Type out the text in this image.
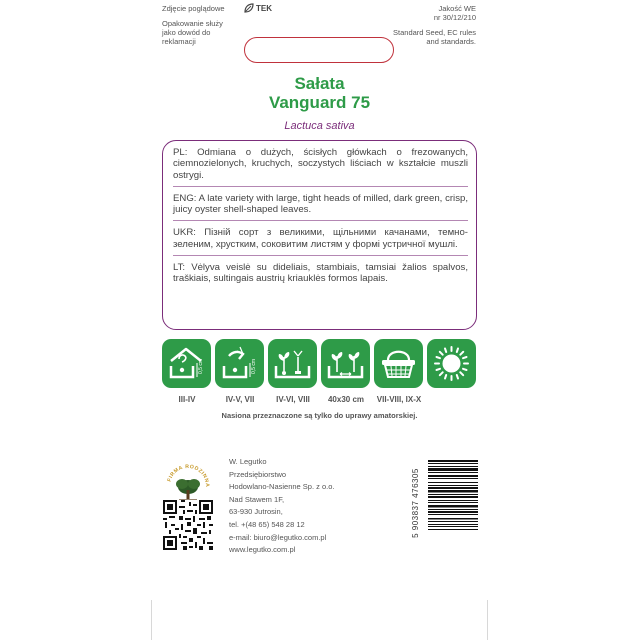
Zdjęcie poglądowe
Opakowanie służy jako dowód do reklamacji
TEK	Jakość WE
nr 30/12/210
Standard Seed, EC rules and standards.
Sałata
Vanguard 75
Lactuca sativa

PL: Odmiana o dużych, ścisłych główkach o frezowanych, ciemnozielonych, kruchych, soczystych liściach w kształcie muszli ostrygi.

ENG: A late variety with large, tight heads of milled, dark green, crisp, juicy oyster shell-shaped leaves.

UKR: Пізній сорт з великими, щільними качанами, темно-зеленим, хрустким, соковитим листям у формі устричної мушлі.

LT: Vėlyva veislė su dideliais, stambiais, tamsiai žalios spalvos, traškiais, sultingais austrių kriauklės formos lapais.

0,5 cm	0,5 cm
III-IV	IV-V, VII	IV-VI, VIII	40x30 cm	VII-VIII, IX-X
Nasiona przeznaczone są tylko do uprawy amatorskiej.
FIRMA RODZINNA
W. Legutko
Przedsiębiorstwo
Hodowlano-Nasienne Sp. z o.o.
Nad Stawem 1F,
63-930 Jutrosin,
tel. +(48 65) 548 28 12
e-mail: biuro@legutko.com.pl
www.legutko.com.pl
5 903837 476305
